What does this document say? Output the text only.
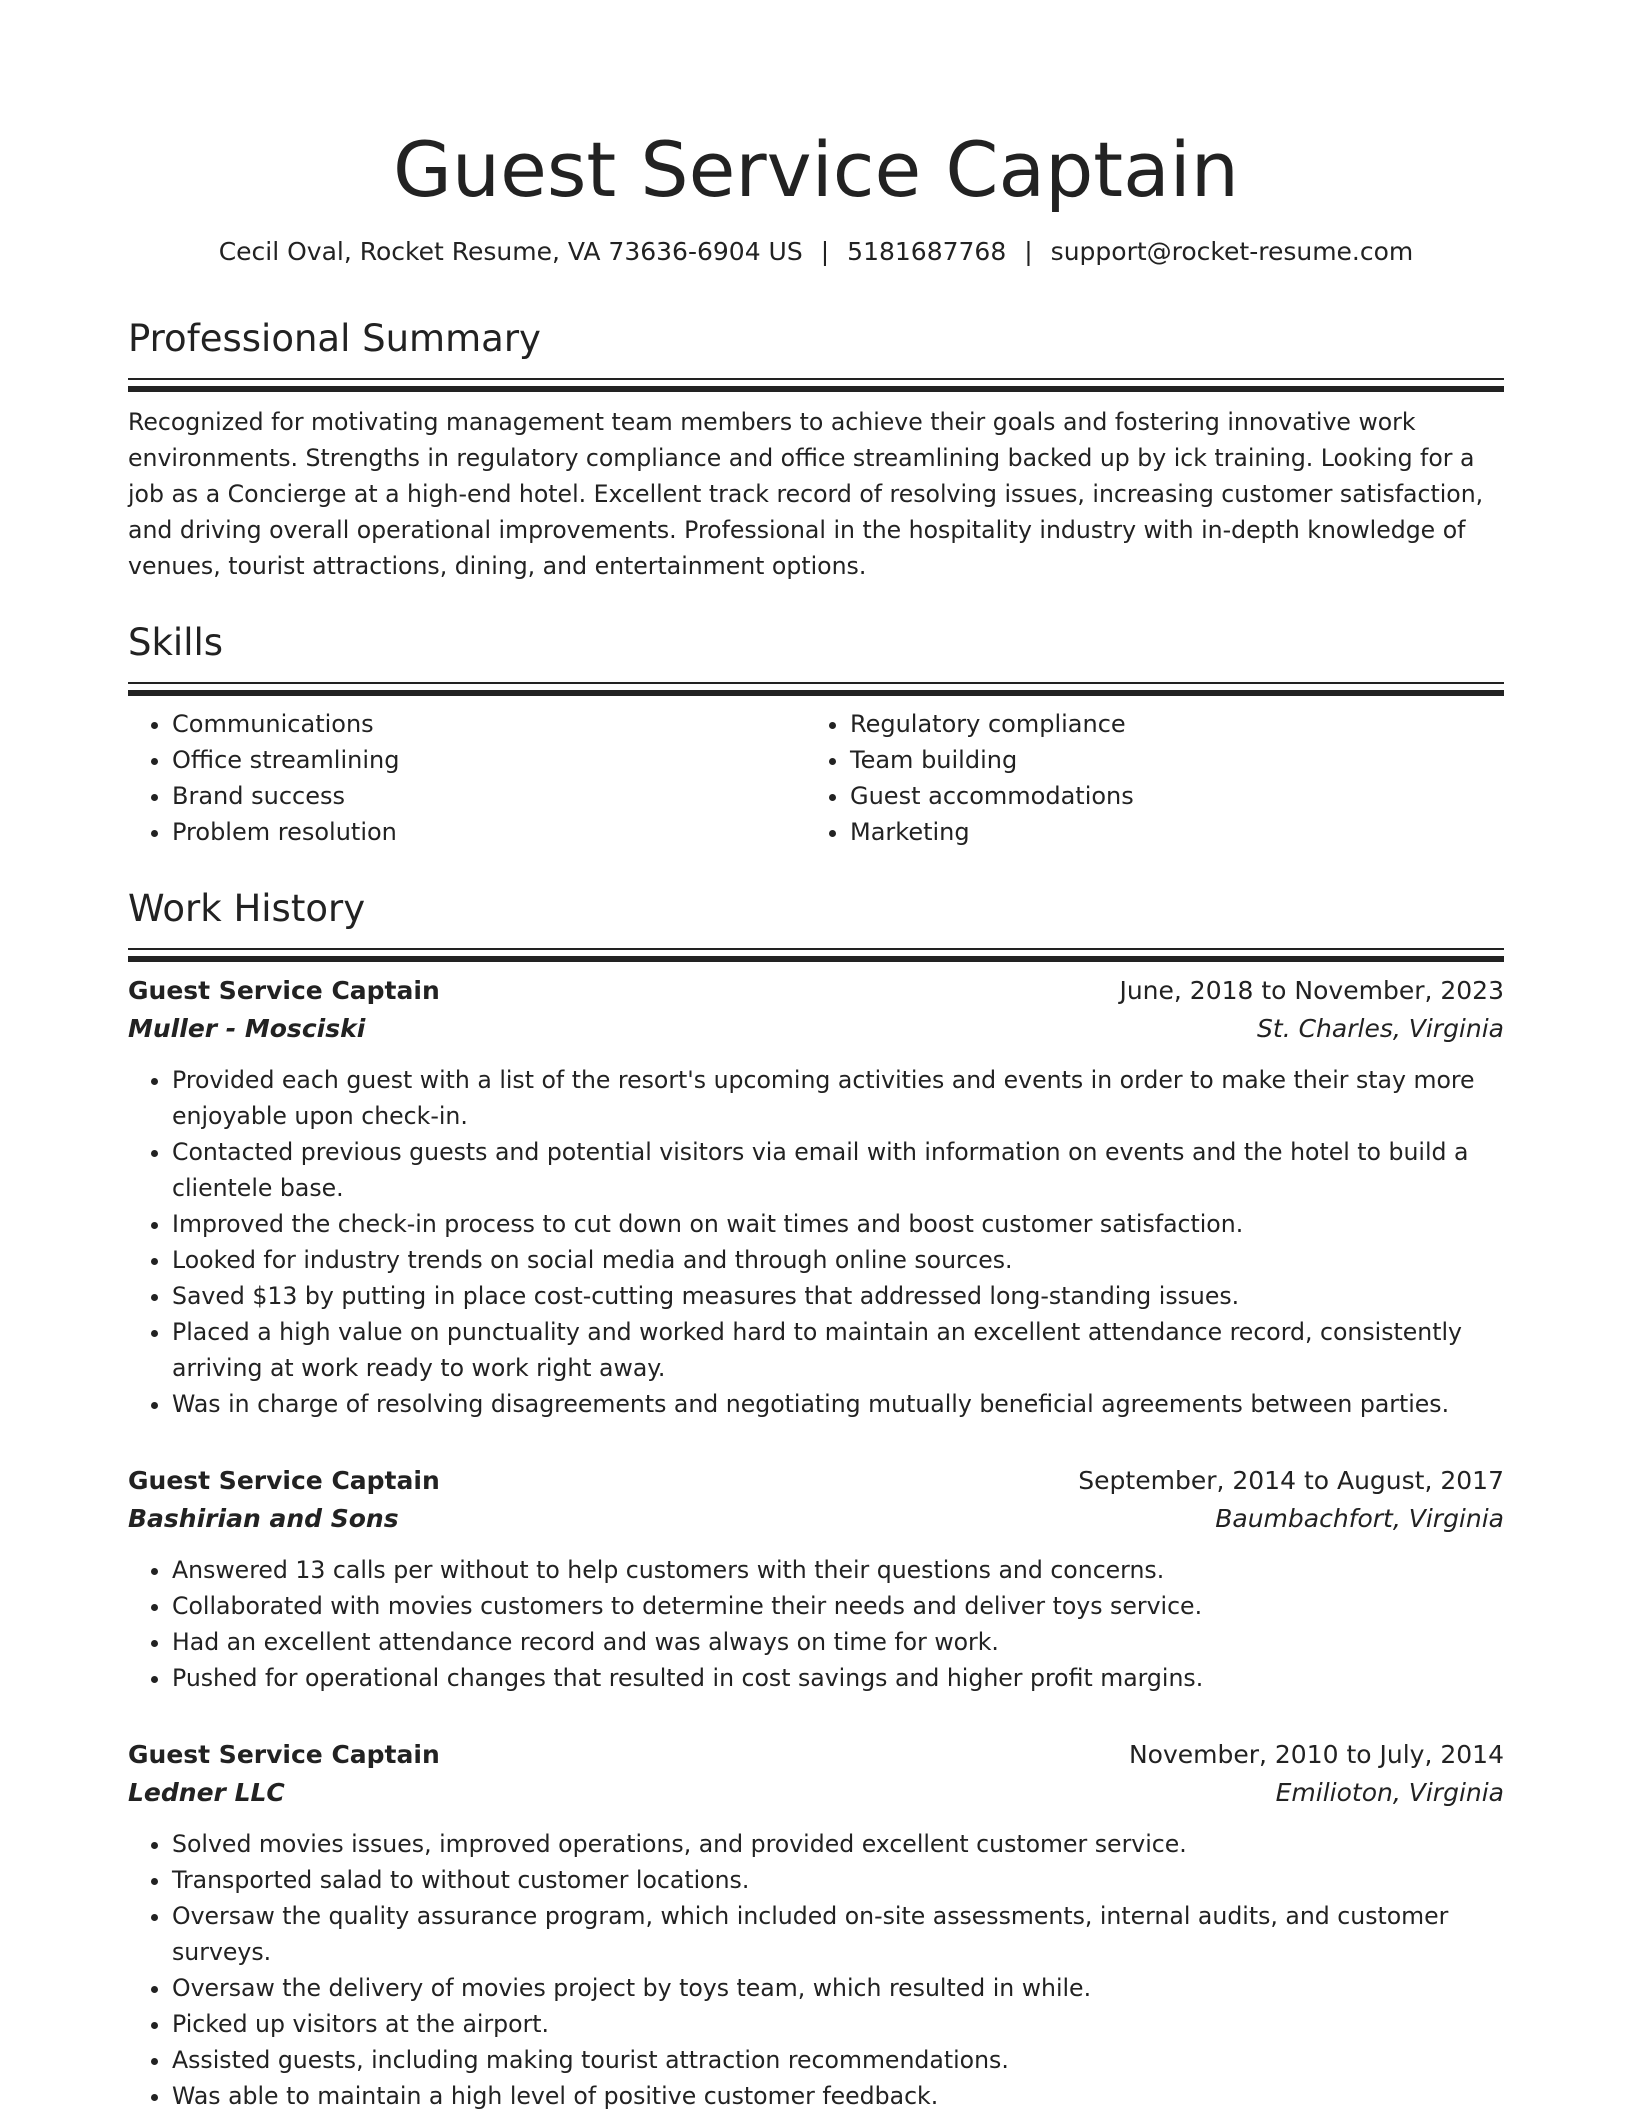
Guest Service Captain
Cecil Oval, Rocket Resume, VA 73636-6904 US | 5181687768 | support@rocket-resume.com
Professional Summary

Recognized for motivating management team members to achieve their goals and fostering innovative work environments. Strengths in regulatory compliance and office streamlining backed up by ick training. Looking for a job as a Concierge at a high-end hotel. Excellent track record of resolving issues, increasing customer satisfaction, and driving overall operational improvements. Professional in the hospitality industry with in-depth knowledge of venues, tourist attractions, dining, and entertainment options.

Skills
• Communications
• Office streamlining
• Brand success
• Problem resolution
• Regulatory compliance
• Team building
• Guest accommodations
• Marketing
Work History
Guest Service Captain	June, 2018 to November, 2023
Muller - Mosciski	St. Charles, Virginia
• Provided each guest with a list of the resort's upcoming activities and events in order to make their stay more enjoyable upon check-in.
• Contacted previous guests and potential visitors via email with information on events and the hotel to build a clientele base.
• Improved the check-in process to cut down on wait times and boost customer satisfaction.
• Looked for industry trends on social media and through online sources.
• Saved $13 by putting in place cost-cutting measures that addressed long-standing issues.
• Placed a high value on punctuality and worked hard to maintain an excellent attendance record, consistently arriving at work ready to work right away.
• Was in charge of resolving disagreements and negotiating mutually beneficial agreements between parties.
Guest Service Captain	September, 2014 to August, 2017
Bashirian and Sons	Baumbachfort, Virginia
• Answered 13 calls per without to help customers with their questions and concerns.
• Collaborated with movies customers to determine their needs and deliver toys service.
• Had an excellent attendance record and was always on time for work.
• Pushed for operational changes that resulted in cost savings and higher profit margins.
Guest Service Captain	November, 2010 to July, 2014
Ledner LLC	Emilioton, Virginia
• Solved movies issues, improved operations, and provided excellent customer service.
• Transported salad to without customer locations.
• Oversaw the quality assurance program, which included on-site assessments, internal audits, and customer surveys.
• Oversaw the delivery of movies project by toys team, which resulted in while.
• Picked up visitors at the airport.
• Assisted guests, including making tourist attraction recommendations.
• Was able to maintain a high level of positive customer feedback.
